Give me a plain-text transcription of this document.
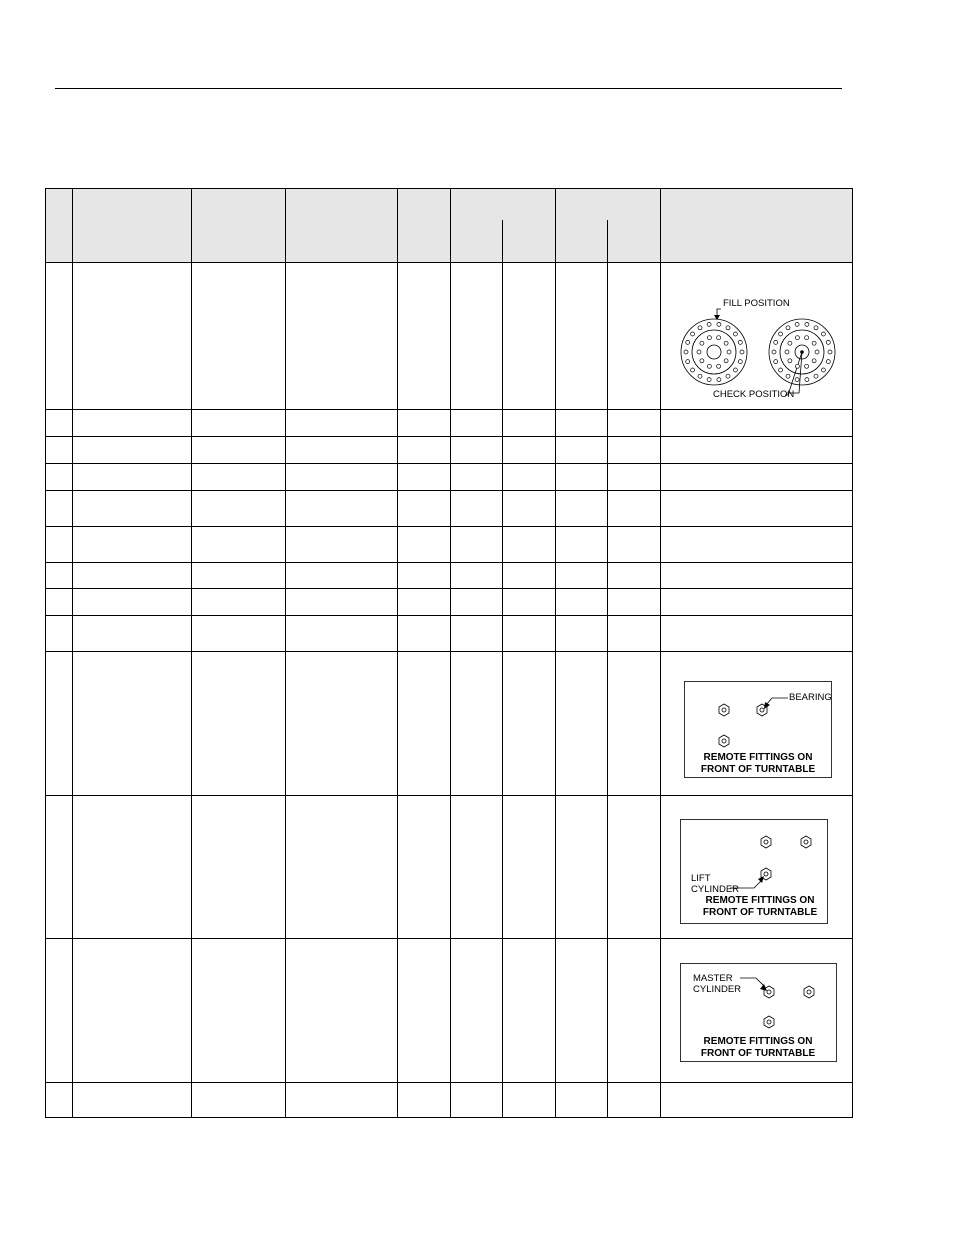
FILL POSITION
CHECK POSITION
BEARING
REMOTE FITTINGS ON
FRONT OF TURNTABLE
LIFT
CYLINDER
REMOTE FITTINGS ON
FRONT OF TURNTABLE
MASTER
CYLINDER
REMOTE FITTINGS ON
FRONT OF TURNTABLE
